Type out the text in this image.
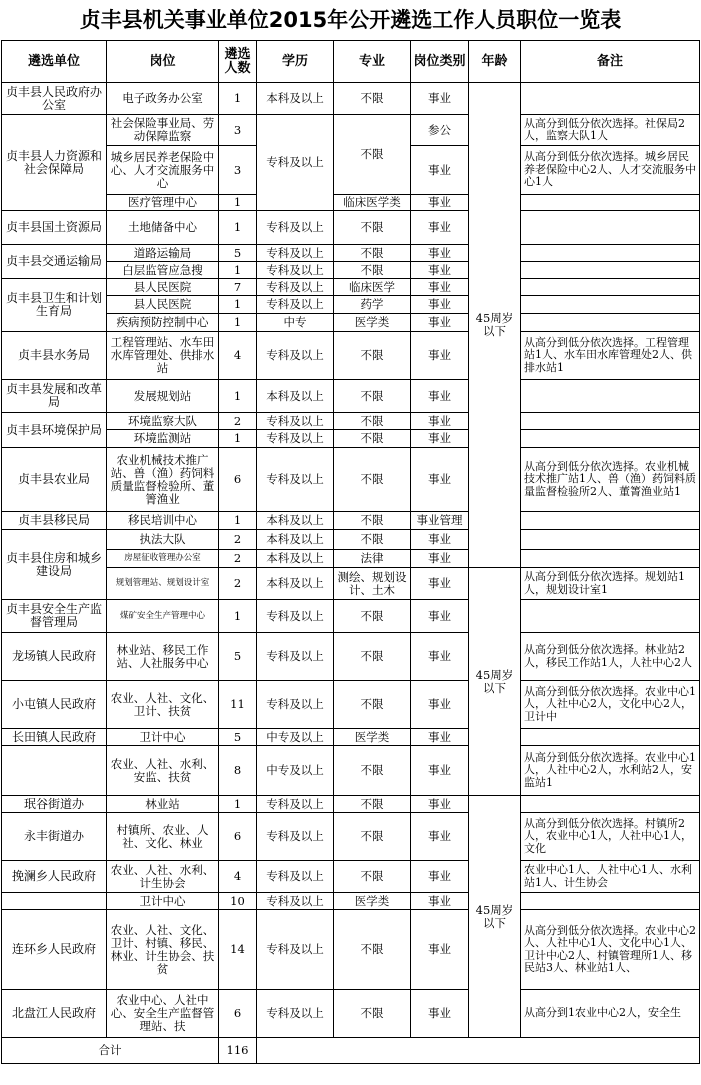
贞丰县机关事业单位2015年公开遴选工作人员职位一览表
遴选单位	岗位	遴选人数	学历	专业	岗位类别	年龄	备注
贞丰县人民政府办公室	电子政务办公室	1	本科及以上	不限	事业	45周岁以下	
贞丰县人力资源和社会保障局	社会保险事业局、劳动保障监察	3	专科及以上	不限	参公		从高分到低分依次选择。社保局2人，监察大队1人
	城乡居民养老保险中心、人才交流服务中心	3			事业		从高分到低分依次选择。城乡居民养老保险中心2人、人才交流服务中心1人
	医疗管理中心	1		临床医学类	事业		
贞丰县国土资源局	土地储备中心	1	专科及以上	不限	事业		
贞丰县交通运输局	道路运输局	5	专科及以上	不限	事业		
	白层监管应急搜	1	专科及以上	不限	事业		
贞丰县卫生和计划生育局	县人民医院	7	专科及以上	临床医学	事业		
	县人民医院	1	专科及以上	药学	事业		
	疾病预防控制中心	1	中专	医学类	事业		
贞丰县水务局	工程管理站、水车田水库管理处、供排水站	4	专科及以上	不限	事业		从高分到低分依次选择。工程管理站1人、水车田水库管理处2人、供排水站1
贞丰县发展和改革局	发展规划站	1	本科及以上	不限	事业		
贞丰县环境保护局	环境监察大队	2	专科及以上	不限	事业		
	环境监测站	1	专科及以上	不限	事业		
贞丰县农业局	农业机械技术推广站、兽（渔）药饲料质量监督检验所、董箐渔业	6	专科及以上	不限	事业		从高分到低分依次选择。农业机械技术推广站1人、兽（渔）药饲料质量监督检验所2人、董箐渔业站1
贞丰县移民局	移民培训中心	1	本科及以上	不限	事业管理		
贞丰县住房和城乡建设局	执法大队	2	本科及以上	不限	事业		
	房屋征收管理办公室	2	本科及以上	法律	事业		
	规划管理站、规划设计室	2	本科及以上	测绘、规划设计、土木	事业	45周岁以下	从高分到低分依次选择。规划站1人，规划设计室1
贞丰县安全生产监督管理局	煤矿安全生产管理中心	1	专科及以上	不限	事业		
龙场镇人民政府	林业站、移民工作站、人社服务中心	5	专科及以上	不限	事业		从高分到低分依次选择。林业站2人，移民工作站1人，人社中心2人
小屯镇人民政府	农业、人社、文化、卫计、扶贫	11	专科及以上	不限	事业		从高分到低分依次选择。农业中心1人，人社中心2人，文化中心2人，卫计中
长田镇人民政府	卫计中心	5	中专及以上	医学类	事业		
	农业、人社、水利、安监、扶贫	8	中专及以上	不限	事业		从高分到低分依次选择。农业中心1人，人社中心2人，水利站2人，安监站1
珉谷街道办	林业站	1	专科及以上	不限	事业	45周岁以下	
永丰街道办	村镇所、农业、人社、文化、林业	6	专科及以上	不限	事业		从高分到低分依次选择。村镇所2人，农业中心1人，人社中心1人，文化
挽澜乡人民政府	农业、人社、水利、计生协会	4	专科及以上	不限	事业		农业中心1人、人社中心1人、水利站1人、计生协会
	卫计中心	10	专科及以上	医学类	事业		
连环乡人民政府	农业、人社、文化、卫计、村镇、移民、林业、计生协会、扶贫	14	专科及以上	不限	事业		从高分到低分依次选择。农业中心2人、人社中心1人、文化中心1人、卫计中心2人、村镇管理所1人、移民站3人、林业站1人、
北盘江人民政府	农业中心、人社中心、安全生产监督管理站、扶	6	专科及以上	不限	事业		从高分到1农业中心2人，安全生
合计		116					
